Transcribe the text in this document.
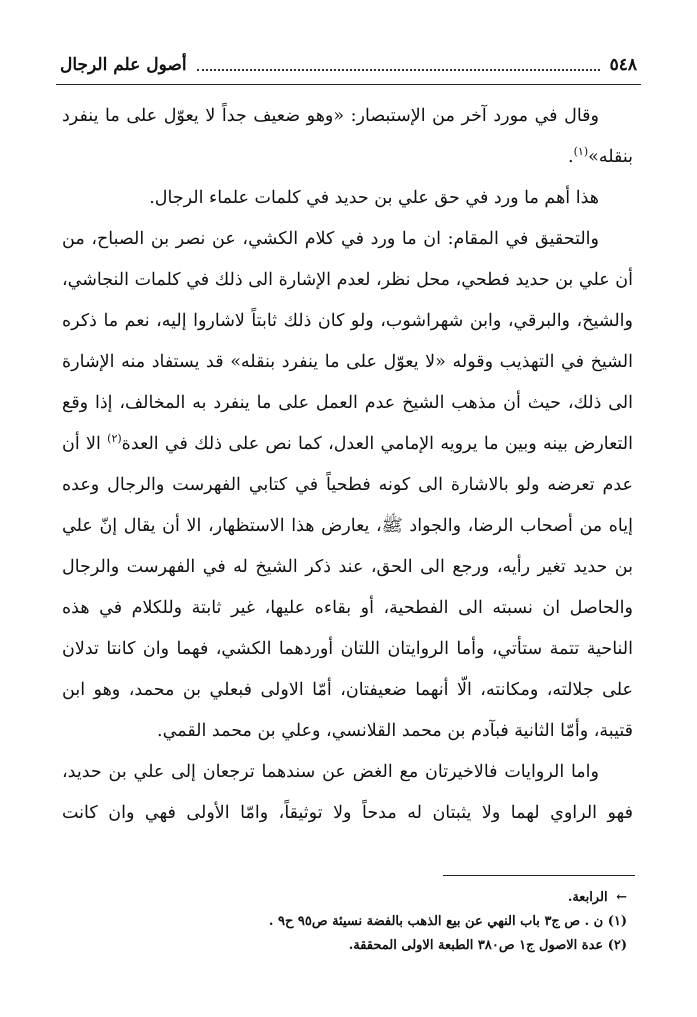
٥٤٨
أصول علم الرجال

وقال في مورد آخر من الإستبصار: «وهو ضعيف جداً لا يعوّل على ما ينفرد بنقله»$^{(١)}$.

هذا أهم ما ورد في حق علي بن حديد في كلمات علماء الرجال.

والتحقيق في المقام: ان ما ورد في كلام الكشي، عن نصر بن الصباح، من أن علي بن حديد فطحي، محل نظر، لعدم الإشارة الى ذلك في كلمات النجاشي، والشيخ، والبرقي، وابن شهراشوب، ولو كان ذلك ثابتاً لاشاروا إليه، نعم ما ذكره الشيخ في التهذيب وقوله «لا يعوّل على ما ينفرد بنقله» قد يستفاد منه الإشارة الى ذلك، حيث أن مذهب الشيخ عدم العمل على ما ينفرد به المخالف، إذا وقع التعارض بينه وبين ما يرويه الإمامي العدل، كما نص على ذلك في العدة$^{(٢)}$ الا أن عدم تعرضه ولو بالاشارة الى كونه فطحياً في كتابي الفهرست والرجال وعده إياه من أصحاب الرضا، والجواد ﷺ، يعارض هذا الاستظهار، الا أن يقال إنّ علي بن حديد تغير رأيه، ورجع الى الحق، عند ذكر الشيخ له في الفهرست والرجال والحاصل ان نسبته الى الفطحية، أو بقاءه عليها، غير ثابتة وللكلام في هذه الناحية تتمة ستأتي، وأما الروايتان اللتان أوردهما الكشي، فهما وان كانتا تدلان على جلالته، ومكانته، الّا أنهما ضعيفتان، أمّا الاولى فبعلي بن محمد، وهو ابن قتيبة، وأمّا الثانية فبآدم بن محمد القلانسي، وعلي بن محمد القمي.

واما الروايات فالاخيرتان مع الغض عن سندهما ترجعان إلى علي بن حديد، فهو الراوي لهما ولا يثبتان له مدحاً ولا توثيقاً، وامّا الأولى فهي وان كانت

← الرابعة.
(١) ن . ص ج٣ باب النهي عن بيع الذهب بالفضة نسيئة ص٩٥ ح٩ .
(٢) عدة الاصول ج١ ص٣٨٠ الطبعة الاولى المحققة.
